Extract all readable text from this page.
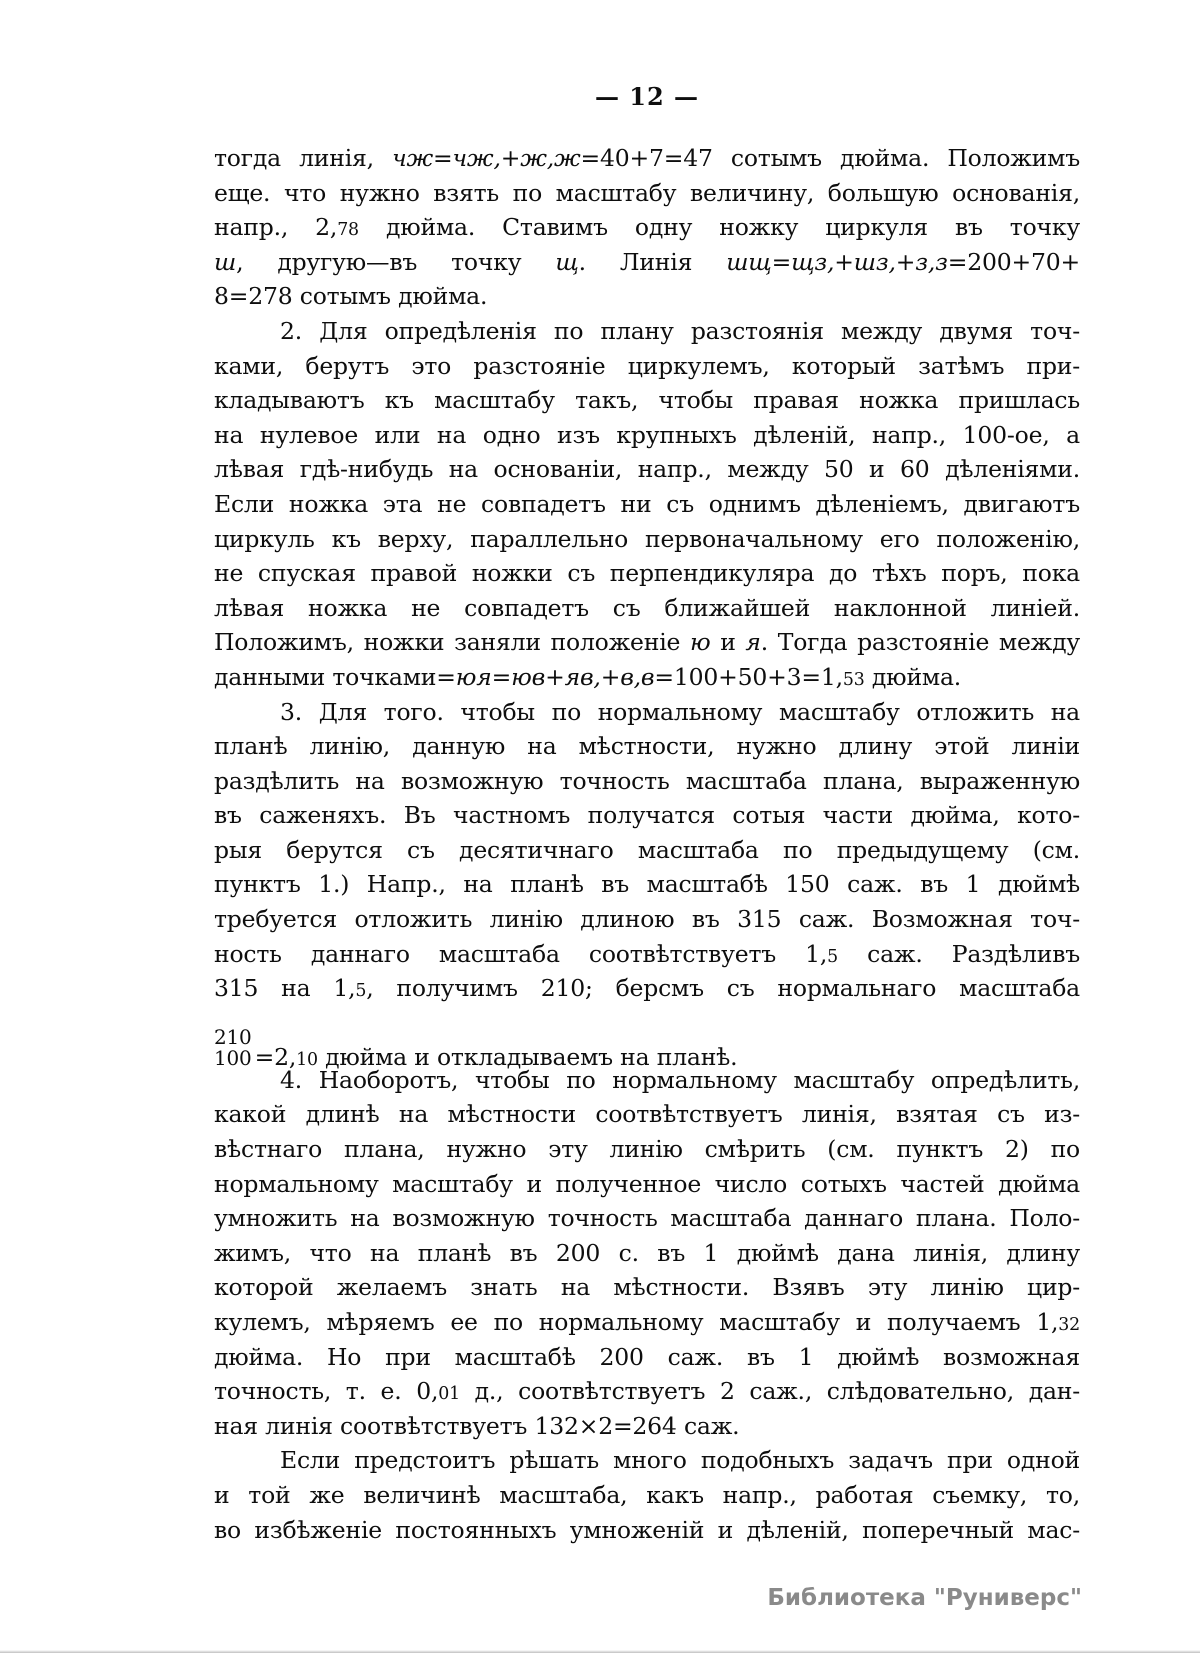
— 12 —
тогда линія, чж=чж,+ж,ж=40+7=47 сотымъ дюйма. Положимъ
еще. что нужно взять по масштабу величину, большую основанія,
напр., 2,78 дюйма. Ставимъ одну ножку циркуля въ точку
ш, другую—въ точку щ. Линія шщ=щз,+шз,+з,з=200+70+
8=278 сотымъ дюйма.
2. Для опредѣленія по плану разстоянія между двумя точ-
ками, берутъ это разстояніе циркулемъ, который затѣмъ при-
кладываютъ къ масштабу такъ, чтобы правая ножка пришлась
на нулевое или на одно изъ крупныхъ дѣленій, напр., 100-ое, а
лѣвая гдѣ-нибудь на основаніи, напр., между 50 и 60 дѣленіями.
Если ножка эта не совпадетъ ни съ однимъ дѣленіемъ, двигаютъ
циркуль къ верху, параллельно первоначальному его положенію,
не спуская правой ножки съ перпендикуляра до тѣхъ поръ, пока
лѣвая ножка не совпадетъ съ ближайшей наклонной линіей.
Положимъ, ножки заняли положеніе ю и я. Тогда разстояніе между
данными точками=юя=юв+яв,+в,в=100+50+3=1,53 дюйма.
3. Для того. чтобы по нормальному масштабу отложить на
планѣ линію, данную на мѣстности, нужно длину этой линіи
раздѣлить на возможную точность масштаба плана, выраженную
въ саженяхъ. Въ частномъ получатся сотыя части дюйма, кото-
рыя берутся съ десятичнаго масштаба по предыдущему (см.
пунктъ 1.) Напр., на планѣ въ масштабѣ 150 саж. въ 1 дюймѣ
требуется отложить линію длиною въ 315 саж. Возможная точ-
ность даннаго масштаба соотвѣтствуетъ 1,5 саж. Раздѣливъ
315 на 1,5, получимъ 210; берсмъ съ нормальнаго масштаба
210
100 =2,10 дюйма и откладываемъ на планѣ.
4. Наоборотъ, чтобы по нормальному масштабу опредѣлить,
какой длинѣ на мѣстности соотвѣтствуетъ линія, взятая съ из-
вѣстнаго плана, нужно эту линію смѣрить (см. пунктъ 2) по
нормальному масштабу и полученное число сотыхъ частей дюйма
умножить на возможную точность масштаба даннаго плана. Поло-
жимъ, что на планѣ въ 200 с. въ 1 дюймѣ дана линія, длину
которой желаемъ знать на мѣстности. Взявъ эту линію цир-
кулемъ, мѣряемъ ее по нормальному масштабу и получаемъ 1,32
дюйма. Но при масштабѣ 200 саж. въ 1 дюймѣ возможная
точность, т. е. 0,01 д., соотвѣтствуетъ 2 саж., слѣдовательно, дан-
ная линія соотвѣтствуетъ 132×2=264 саж.
Если предстоитъ рѣшать много подобныхъ задачъ при одной
и той же величинѣ масштаба, какъ напр., работая съемку, то,
во избѣженіе постоянныхъ умноженій и дѣленій, поперечный мас-
Библиотека "Руниверс"
